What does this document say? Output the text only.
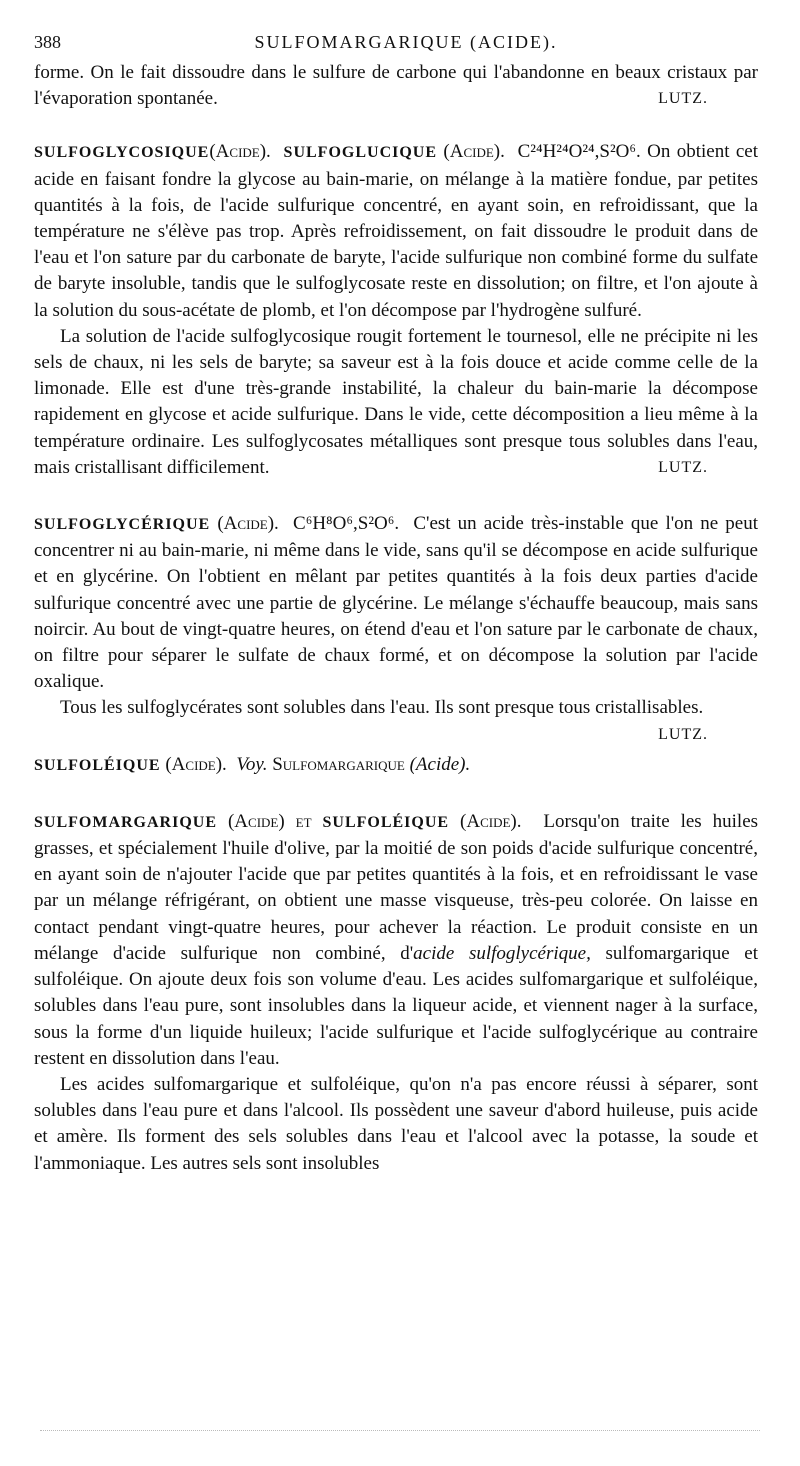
388	SULFOMARGARIQUE (ACIDE).

forme. On le fait dissoudre dans le sulfure de carbone qui l'abandonne en beaux cristaux par l'évaporation spontanée.	LUTZ.

SULFOGLYCOSIQUE(Acide). SULFOGLUCIQUE (Acide). C²⁴H²⁴O²⁴,S²O⁶. On obtient cet acide en faisant fondre la glycose au bain-marie, on mélange à la matière fondue, par petites quantités à la fois, de l'acide sulfurique concentré, en ayant soin, en refroidissant, que la température ne s'élève pas trop. Après refroidissement, on fait dissoudre le produit dans de l'eau et l'on sature par du carbonate de baryte, l'acide sulfurique non combiné forme du sulfate de baryte insoluble, tandis que le sulfoglycosate reste en dissolution; on filtre, et l'on ajoute à la solution du sous-acétate de plomb, et l'on décompose par l'hydrogène sulfuré.

La solution de l'acide sulfoglycosique rougit fortement le tournesol, elle ne précipite ni les sels de chaux, ni les sels de baryte; sa saveur est à la fois douce et acide comme celle de la limonade. Elle est d'une très-grande instabilité, la chaleur du bain-marie la décompose rapidement en glycose et acide sulfurique. Dans le vide, cette décomposition a lieu même à la température ordinaire. Les sulfoglycosates métalliques sont presque tous solubles dans l'eau, mais cristallisant difficilement.	LUTZ.

SULFOGLYCÉRIQUE (Acide). C⁶H⁸O⁶,S²O⁶. C'est un acide très-instable que l'on ne peut concentrer ni au bain-marie, ni même dans le vide, sans qu'il se décompose en acide sulfurique et en glycérine. On l'obtient en mêlant par petites quantités à la fois deux parties d'acide sulfurique concentré avec une partie de glycérine. Le mélange s'échauffe beaucoup, mais sans noircir. Au bout de vingt-quatre heures, on étend d'eau et l'on sature par le carbonate de chaux, on filtre pour séparer le sulfate de chaux formé, et on décompose la solution par l'acide oxalique.

Tous les sulfoglycérates sont solubles dans l'eau. Ils sont presque tous cristallisables.
LUTZ.

SULFOLÉIQUE (Acide). Voy. Sulfomargarique (Acide).

SULFOMARGARIQUE (Acide) et SULFOLÉIQUE (Acide). Lorsqu'on traite les huiles grasses, et spécialement l'huile d'olive, par la moitié de son poids d'acide sulfurique concentré, en ayant soin de n'ajouter l'acide que par petites quantités à la fois, et en refroidissant le vase par un mélange réfrigérant, on obtient une masse visqueuse, très-peu colorée. On laisse en contact pendant vingt-quatre heures, pour achever la réaction. Le produit consiste en un mélange d'acide sulfurique non combiné, d'acide sulfoglycérique, sulfomargarique et sulfoléique. On ajoute deux fois son volume d'eau. Les acides sulfomargarique et sulfoléique, solubles dans l'eau pure, sont insolubles dans la liqueur acide, et viennent nager à la surface, sous la forme d'un liquide huileux; l'acide sulfurique et l'acide sulfoglycérique au contraire restent en dissolution dans l'eau.

Les acides sulfomargarique et sulfoléique, qu'on n'a pas encore réussi à séparer, sont solubles dans l'eau pure et dans l'alcool. Ils possèdent une saveur d'abord huileuse, puis acide et amère. Ils forment des sels solubles dans l'eau et l'alcool avec la potasse, la soude et l'ammoniaque. Les autres sels sont insolubles
